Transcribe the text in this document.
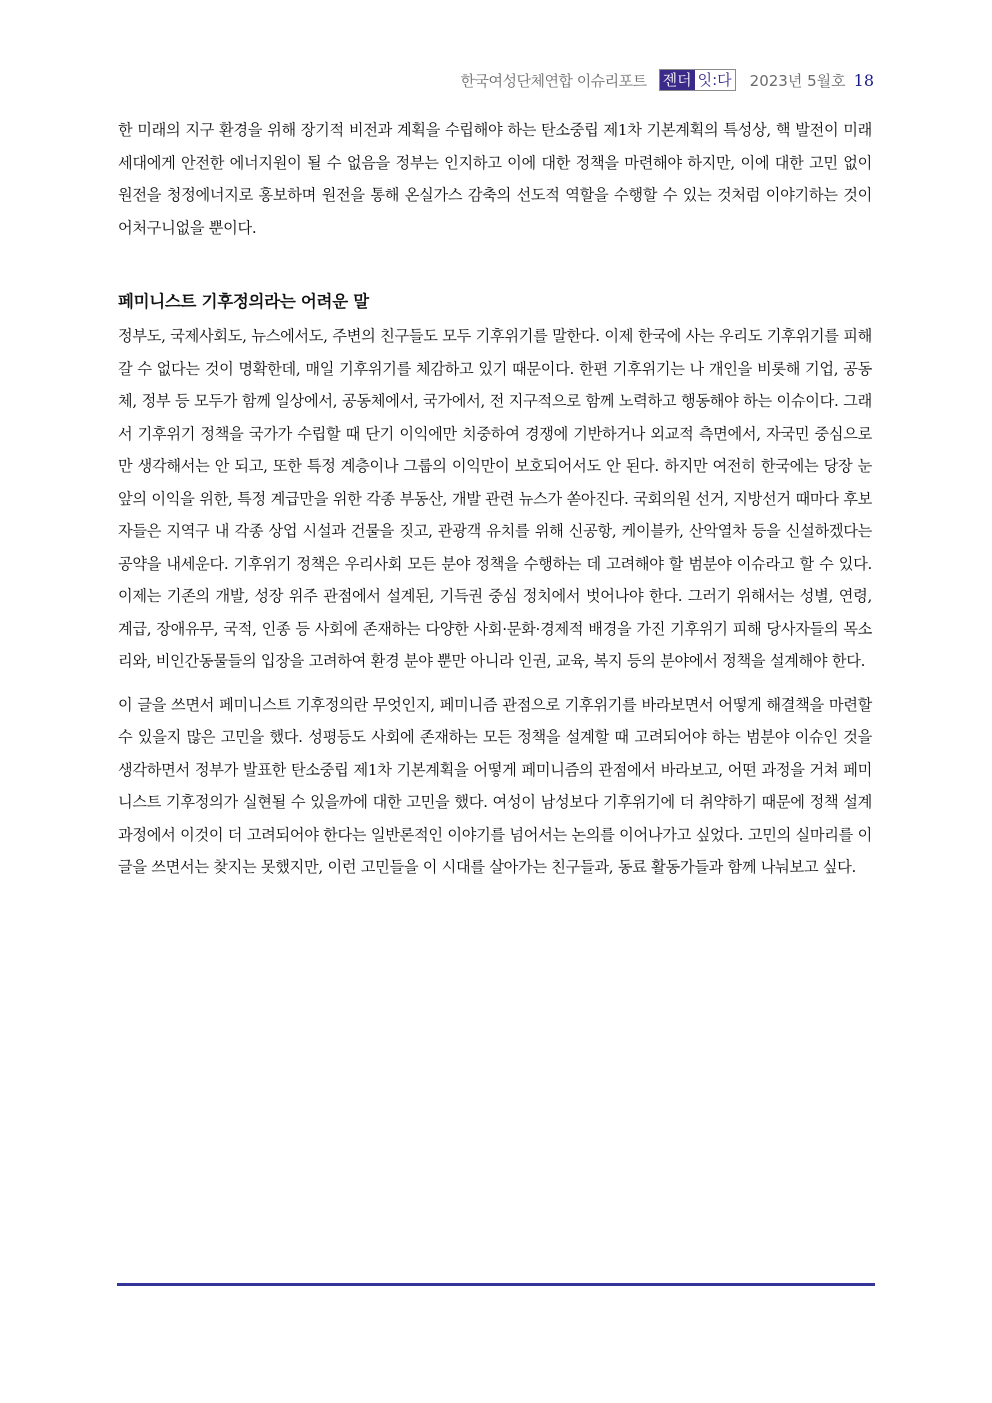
한국여성단체연합 이슈리포트 젠더 잇:다 2023년 5월호 18

한 미래의 지구 환경을 위해 장기적 비전과 계획을 수립해야 하는 탄소중립 제1차 기본계획의 특성상, 핵 발전이 미래세대에게 안전한 에너지원이 될 수 없음을 정부는 인지하고 이에 대한 정책을 마련해야 하지만, 이에 대한 고민 없이 원전을 청정에너지로 홍보하며 원전을 통해 온실가스 감축의 선도적 역할을 수행할 수 있는 것처럼 이야기하는 것이 어처구니없을 뿐이다.

페미니스트 기후정의라는 어려운 말

정부도, 국제사회도, 뉴스에서도, 주변의 친구들도 모두 기후위기를 말한다. 이제 한국에 사는 우리도 기후위기를 피해갈 수 없다는 것이 명확한데, 매일 기후위기를 체감하고 있기 때문이다. 한편 기후위기는 나 개인을 비롯해 기업, 공동체, 정부 등 모두가 함께 일상에서, 공동체에서, 국가에서, 전 지구적으로 함께 노력하고 행동해야 하는 이슈이다. 그래서 기후위기 정책을 국가가 수립할 때 단기 이익에만 치중하여 경쟁에 기반하거나 외교적 측면에서, 자국민 중심으로만 생각해서는 안 되고, 또한 특정 계층이나 그룹의 이익만이 보호되어서도 안 된다. 하지만 여전히 한국에는 당장 눈 앞의 이익을 위한, 특정 계급만을 위한 각종 부동산, 개발 관련 뉴스가 쏟아진다. 국회의원 선거, 지방선거 때마다 후보자들은 지역구 내 각종 상업 시설과 건물을 짓고, 관광객 유치를 위해 신공항, 케이블카, 산악열차 등을 신설하겠다는 공약을 내세운다. 기후위기 정책은 우리사회 모든 분야 정책을 수행하는 데 고려해야 할 범분야 이슈라고 할 수 있다. 이제는 기존의 개발, 성장 위주 관점에서 설계된, 기득권 중심 정치에서 벗어나야 한다. 그러기 위해서는 성별, 연령, 계급, 장애유무, 국적, 인종 등 사회에 존재하는 다양한 사회·문화·경제적 배경을 가진 기후위기 피해 당사자들의 목소리와, 비인간동물들의 입장을 고려하여 환경 분야 뿐만 아니라 인권, 교육, 복지 등의 분야에서 정책을 설계해야 한다.

이 글을 쓰면서 페미니스트 기후정의란 무엇인지, 페미니즘 관점으로 기후위기를 바라보면서 어떻게 해결책을 마련할 수 있을지 많은 고민을 했다. 성평등도 사회에 존재하는 모든 정책을 설계할 때 고려되어야 하는 범분야 이슈인 것을 생각하면서 정부가 발표한 탄소중립 제1차 기본계획을 어떻게 페미니즘의 관점에서 바라보고, 어떤 과정을 거쳐 페미니스트 기후정의가 실현될 수 있을까에 대한 고민을 했다. 여성이 남성보다 기후위기에 더 취약하기 때문에 정책 설계 과정에서 이것이 더 고려되어야 한다는 일반론적인 이야기를 넘어서는 논의를 이어나가고 싶었다. 고민의 실마리를 이 글을 쓰면서는 찾지는 못했지만, 이런 고민들을 이 시대를 살아가는 친구들과, 동료 활동가들과 함께 나눠보고 싶다.
